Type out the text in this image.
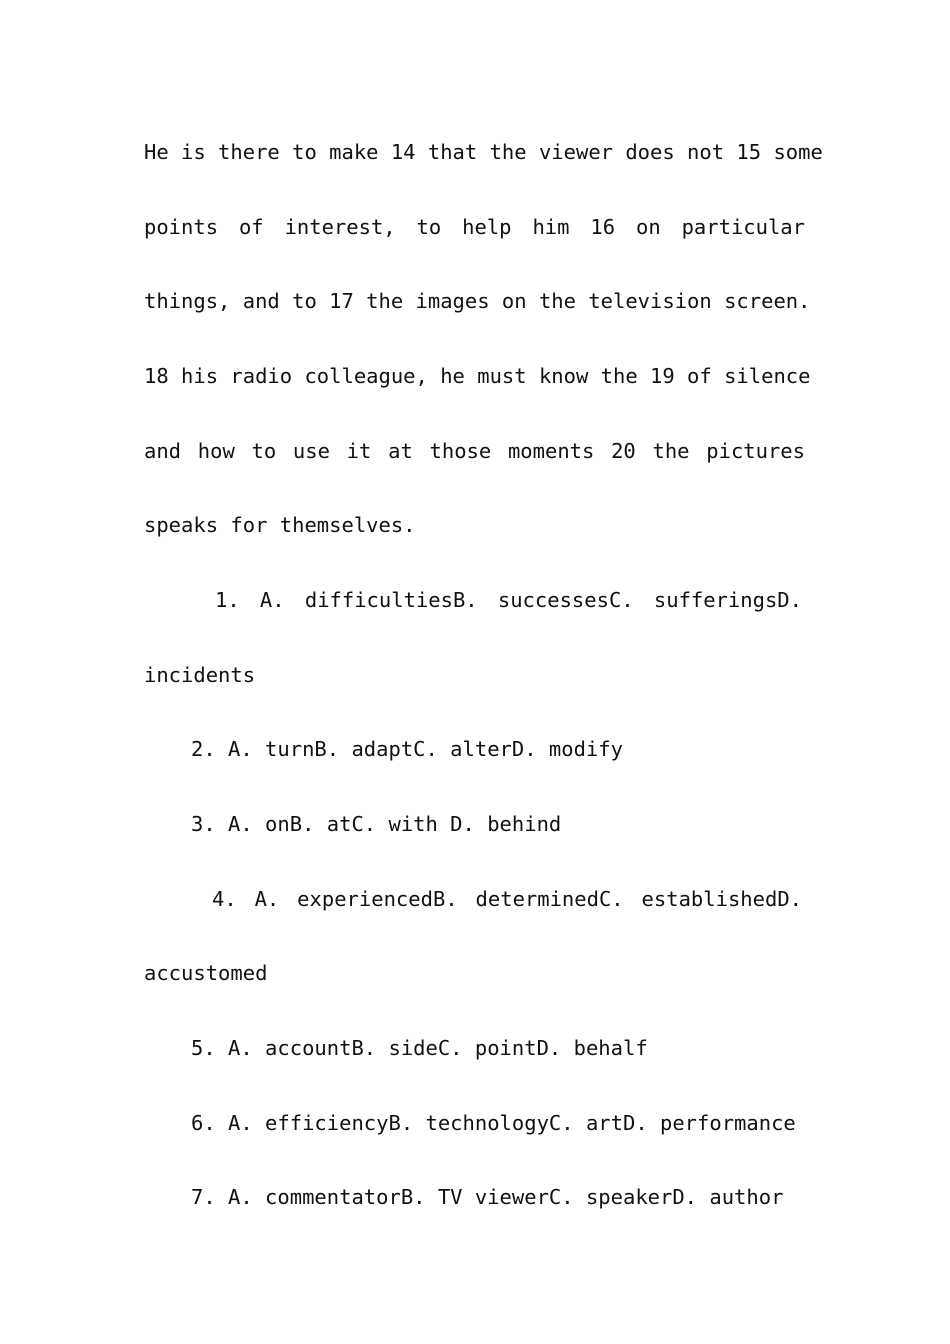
He is there to make 14 that the viewer does not 15 some
points of interest, to help him 16 on particular
things, and to 17 the images on the television screen.
18 his radio colleague, he must know the 19 of silence
and how to use it at those moments 20 the pictures
speaks for themselves.
1. A. difficultiesB. successesC. sufferingsD.
incidents
2. A. turnB. adaptC. alterD. modify
3. A. onB. atC. with D. behind
4. A. experiencedB. determinedC. establishedD.
accustomed
5. A. accountB. sideC. pointD. behalf
6. A. efficiencyB. technologyC. artD. performance
7. A. commentatorB. TV viewerC. speakerD. author
